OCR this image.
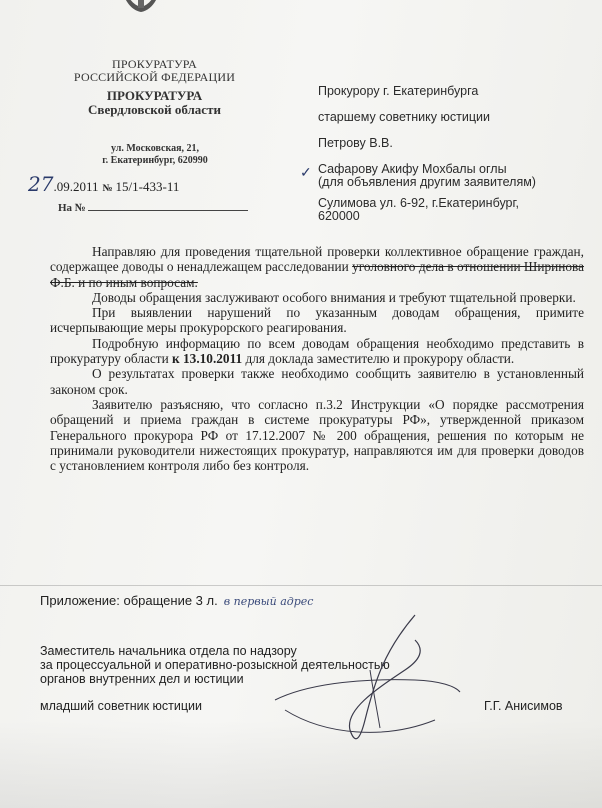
ПРОКУРАТУРА
РОССИЙСКОЙ ФЕДЕРАЦИИ
ПРОКУРАТУРА
Свердловской области
ул. Московская, 21,
г. Екатеринбург, 620990
27.09.2011 № 15/1-433-11
На №
Прокурору г. Екатеринбурга
старшему советнику юстиции
Петрову В.В.
✓ Сафарову Акифу Мохбалы оглы
(для объявления другим заявителям)
Сулимова ул. 6-92, г.Екатеринбург,
620000

Направляю для проведения тщательной проверки коллективное обращение граждан, содержащее доводы о ненадлежащем расследовании уголовного дела в отношении Ширинова Ф.Б. и по иным вопросам.

Доводы обращения заслуживают особого внимания и требуют тщательной проверки.

При выявлении нарушений по указанным доводам обращения, примите исчерпывающие меры прокурорского реагирования.

Подробную информацию по всем доводам обращения необходимо представить в прокуратуру области к 13.10.2011 для доклада заместителю и прокурору области.

О результатах проверки также необходимо сообщить заявителю в установленный законом срок.

Заявителю разъясняю, что согласно п.3.2 Инструкции «О порядке рассмотрения обращений и приема граждан в системе прокуратуры РФ», утвержденной приказом Генерального прокурора РФ от 17.12.2007 № 200 обращения, решения по которым не принимали руководители нижестоящих прокуратур, направляются им для проверки доводов с установлением контроля либо без контроля.

Приложение: обращение 3 л. в первый адрес
Заместитель начальника отдела по надзору
за процессуальной и оперативно-розыскной деятельностью
органов внутренних дел и юстиции
младший советник юстиции	Г.Г. Анисимов
